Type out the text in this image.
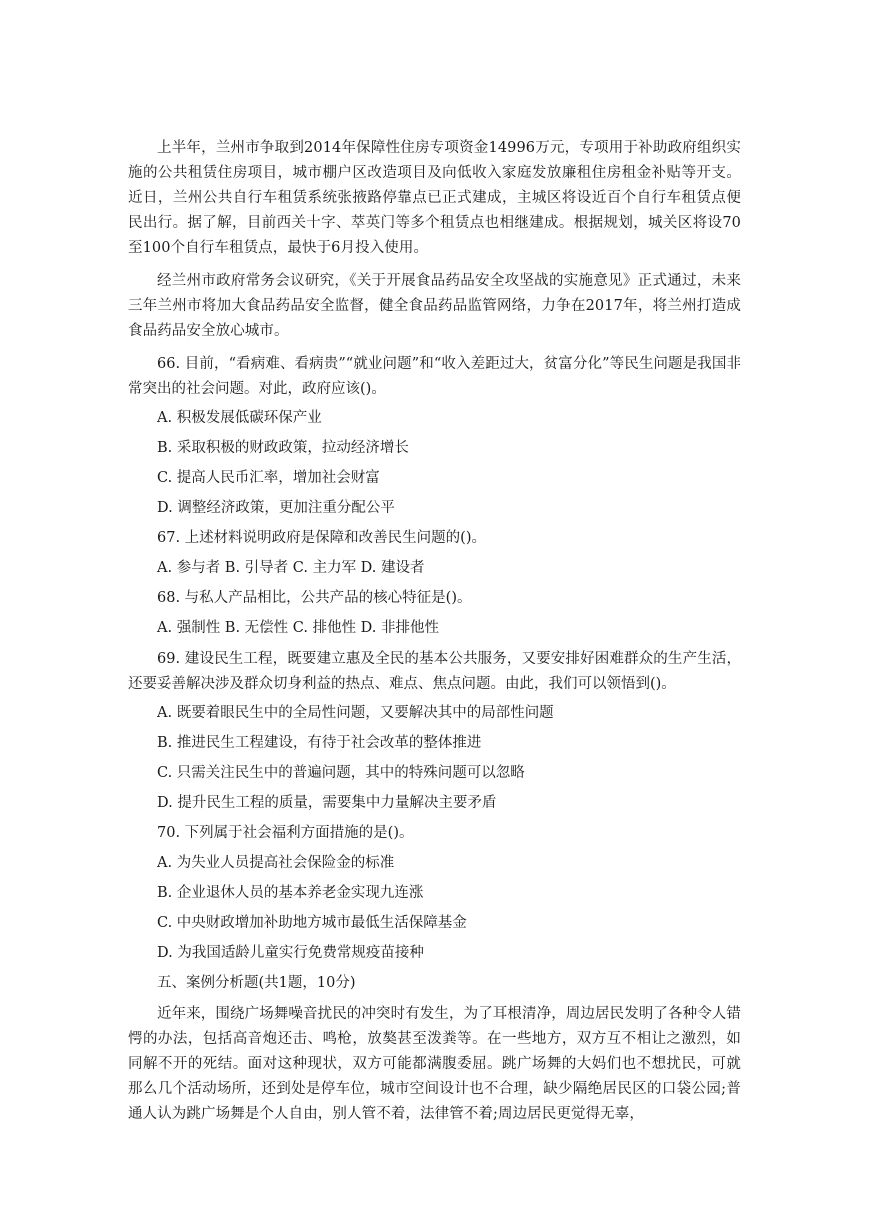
上半年，兰州市争取到2014年保障性住房专项资金14996万元，专项用于补助政府组织实施的公共租赁住房项目，城市棚户区改造项目及向低收入家庭发放廉租住房租金补贴等开支。近日，兰州公共自行车租赁系统张掖路停靠点已正式建成，主城区将设近百个自行车租赁点便民出行。据了解，目前西关十字、萃英门等多个租赁点也相继建成。根据规划，城关区将设70至100个自行车租赁点，最快于6月投入使用。

经兰州市政府常务会议研究，《关于开展食品药品安全攻坚战的实施意见》正式通过，未来三年兰州市将加大食品药品安全监督，健全食品药品监管网络，力争在2017年，将兰州打造成食品药品安全放心城市。

66. 目前，“看病难、看病贵”“就业问题”和“收入差距过大，贫富分化”等民生问题是我国非常突出的社会问题。对此，政府应该()。

A. 积极发展低碳环保产业

B. 采取积极的财政政策，拉动经济增长

C. 提高人民币汇率，增加社会财富

D. 调整经济政策，更加注重分配公平

67. 上述材料说明政府是保障和改善民生问题的()。

A. 参与者 B. 引导者 C. 主力军 D. 建设者

68. 与私人产品相比，公共产品的核心特征是()。

A. 强制性 B. 无偿性 C. 排他性 D. 非排他性

69. 建设民生工程，既要建立惠及全民的基本公共服务，又要安排好困难群众的生产生活，还要妥善解决涉及群众切身利益的热点、难点、焦点问题。由此，我们可以领悟到()。

A. 既要着眼民生中的全局性问题，又要解决其中的局部性问题

B. 推进民生工程建设，有待于社会改革的整体推进

C. 只需关注民生中的普遍问题，其中的特殊问题可以忽略

D. 提升民生工程的质量，需要集中力量解决主要矛盾

70. 下列属于社会福利方面措施的是()。

A. 为失业人员提高社会保险金的标准

B. 企业退休人员的基本养老金实现九连涨

C. 中央财政增加补助地方城市最低生活保障基金

D. 为我国适龄儿童实行免费常规疫苗接种

五、案例分析题(共1题，10分)

近年来，围绕广场舞噪音扰民的冲突时有发生，为了耳根清净，周边居民发明了各种令人错愕的办法，包括高音炮还击、鸣枪，放獒甚至泼粪等。在一些地方，双方互不相让之激烈，如同解不开的死结。面对这种现状，双方可能都满腹委屈。跳广场舞的大妈们也不想扰民，可就那么几个活动场所，还到处是停车位，城市空间设计也不合理，缺少隔绝居民区的口袋公园;普通人认为跳广场舞是个人自由，别人管不着，法律管不着;周边居民更觉得无辜，
